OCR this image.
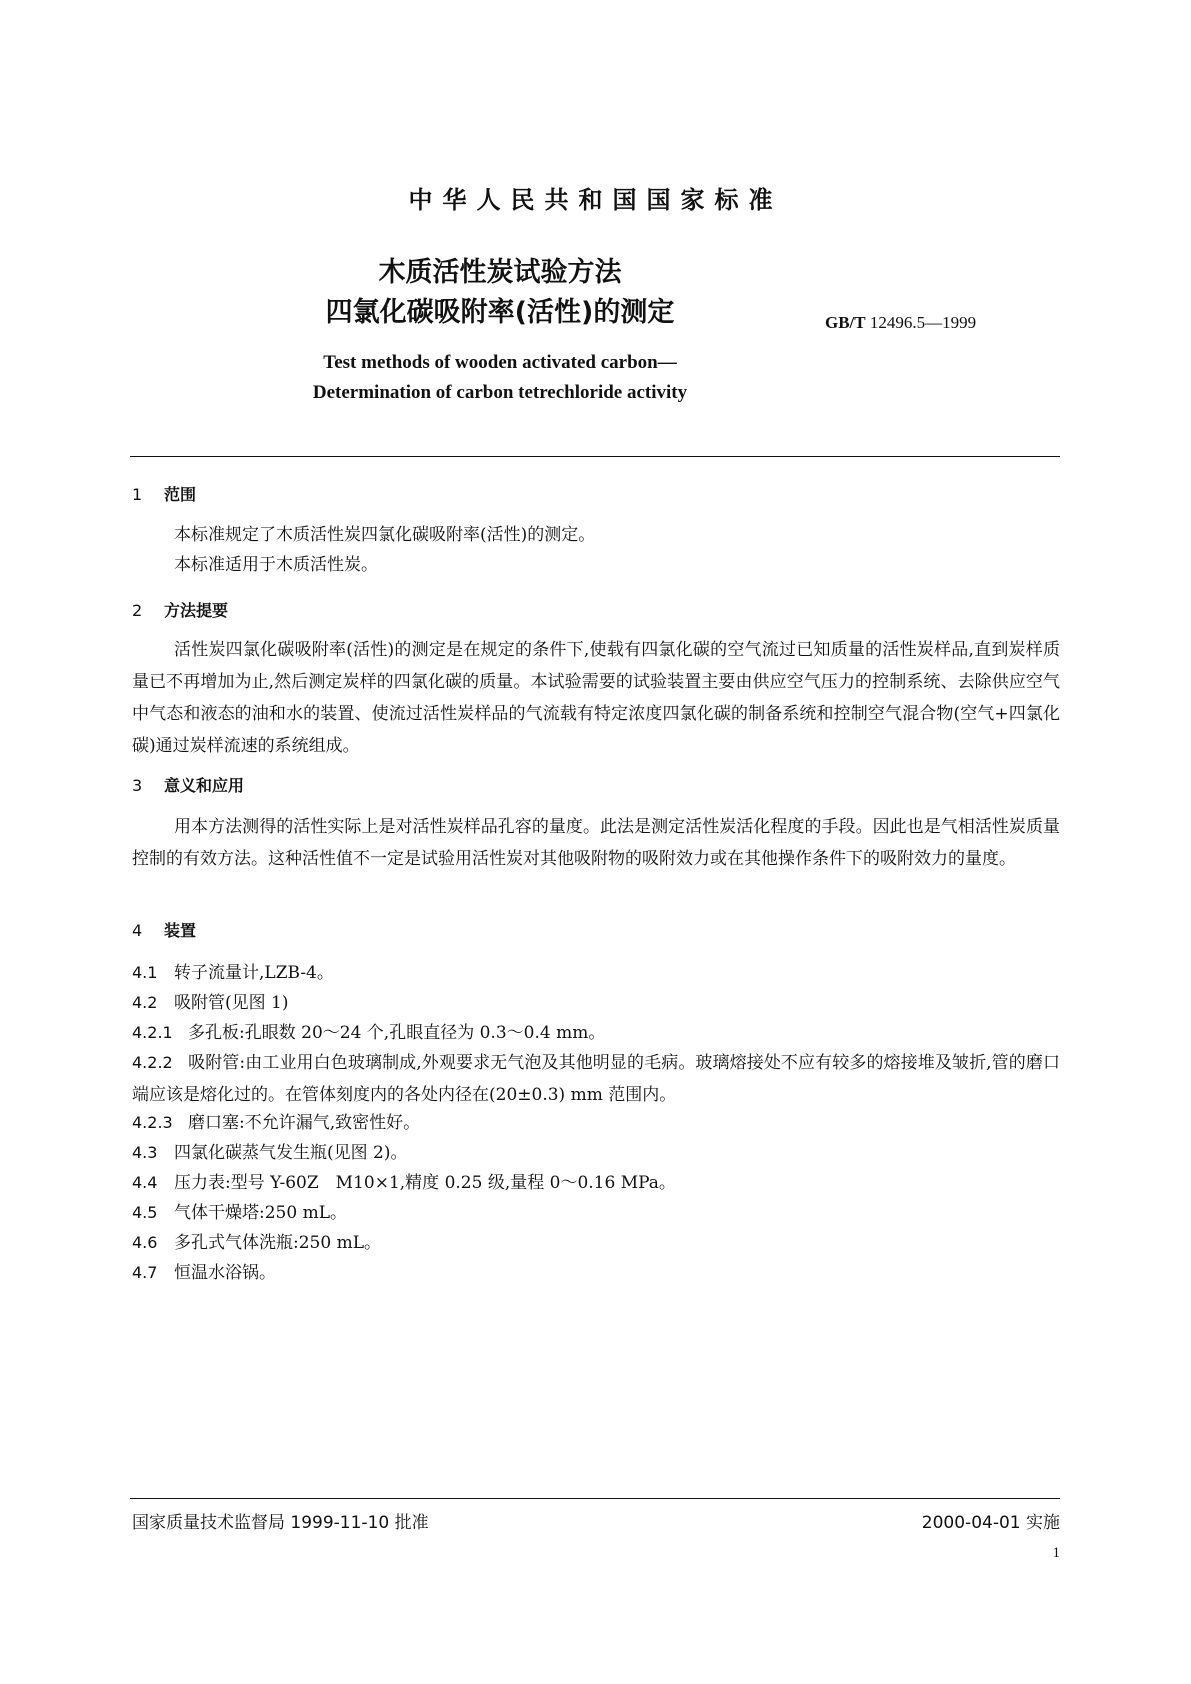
中华人民共和国国家标准
木质活性炭试验方法
四氯化碳吸附率(活性)的测定	GB/T 12496.5—1999
Test methods of wooden activated carbon—
Determination of carbon tetrechloride activity
1 范围
本标准规定了木质活性炭四氯化碳吸附率(活性)的测定。
本标准适用于木质活性炭。
2 方法提要
活性炭四氯化碳吸附率(活性)的测定是在规定的条件下,使载有四氯化碳的空气流过已知质量的活性炭样品,直到炭样质量已不再增加为止,然后测定炭样的四氯化碳的质量。本试验需要的试验装置主要由供应空气压力的控制系统、去除供应空气中气态和液态的油和水的装置、使流过活性炭样品的气流载有特定浓度四氯化碳的制备系统和控制空气混合物(空气+四氯化碳)通过炭样流速的系统组成。
3 意义和应用
用本方法测得的活性实际上是对活性炭样品孔容的量度。此法是测定活性炭活化程度的手段。因此也是气相活性炭质量控制的有效方法。这种活性值不一定是试验用活性炭对其他吸附物的吸附效力或在其他操作条件下的吸附效力的量度。
4 装置
4.1 转子流量计,LZB-4。
4.2 吸附管(见图 1)
4.2.1 多孔板:孔眼数 20～24 个,孔眼直径为 0.3～0.4 mm。
4.2.2 吸附管:由工业用白色玻璃制成,外观要求无气泡及其他明显的毛病。玻璃熔接处不应有较多的熔接堆及皱折,管的磨口端应该是熔化过的。在管体刻度内的各处内径在(20±0.3) mm 范围内。
4.2.3 磨口塞:不允许漏气,致密性好。
4.3 四氯化碳蒸气发生瓶(见图 2)。
4.4 压力表:型号 Y-60Z　M10×1,精度 0.25 级,量程 0～0.16 MPa。
4.5 气体干燥塔:250 mL。
4.6 多孔式气体洗瓶:250 mL。
4.7 恒温水浴锅。
国家质量技术监督局 1999-11-10 批准	2000-04-01 实施
1
